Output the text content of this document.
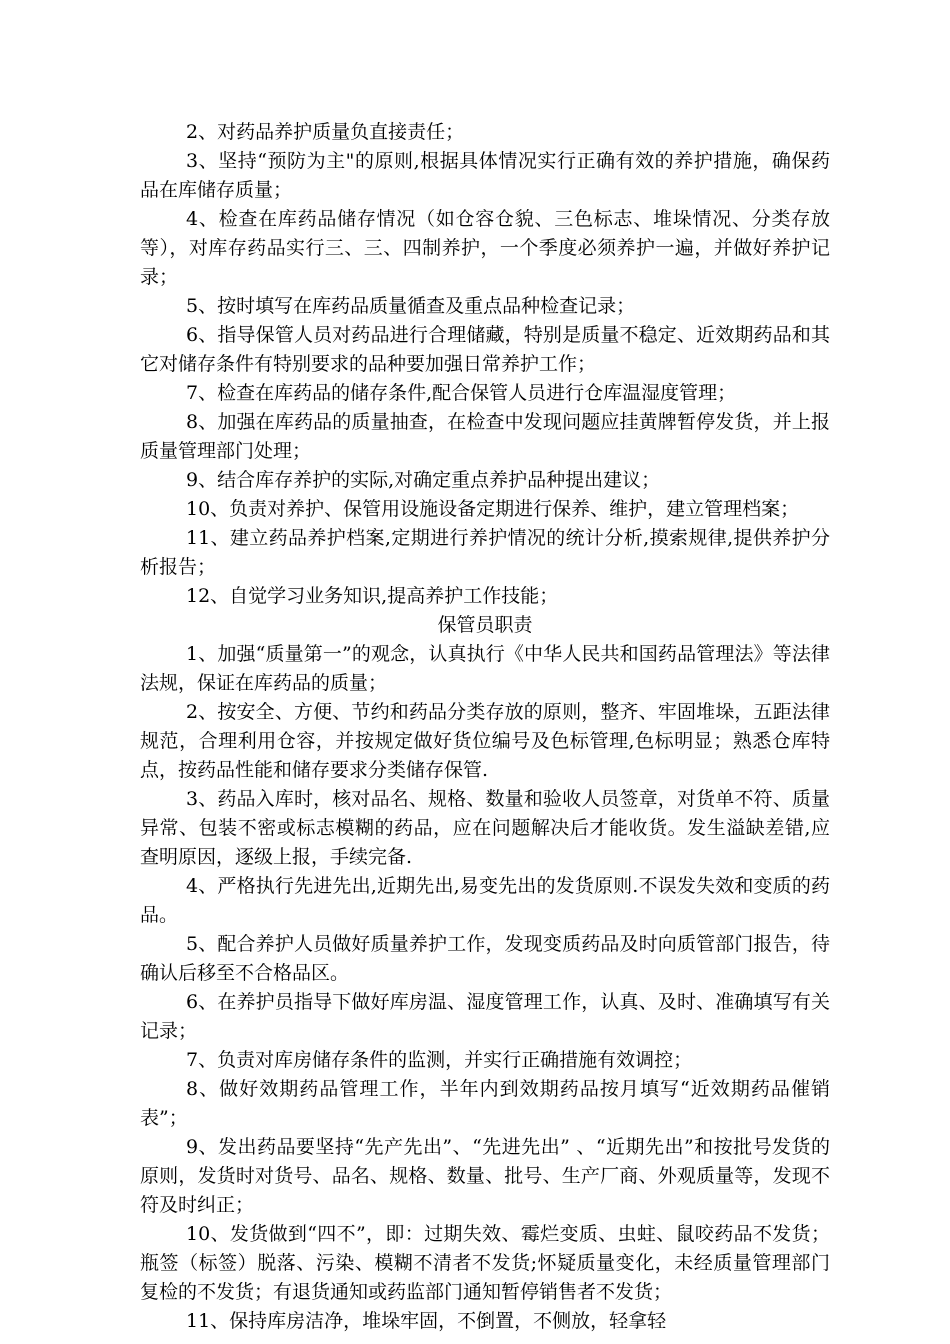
2、对药品养护质量负直接责任；

3、坚持“预防为主"的原则,根据具体情况实行正确有效的养护措施，确保药品在库储存质量；

4、检查在库药品储存情况（如仓容仓貌、三色标志、堆垛情况、分类存放等），对库存药品实行三、三、四制养护，一个季度必须养护一遍，并做好养护记录；

5、按时填写在库药品质量循查及重点品种检查记录；

6、指导保管人员对药品进行合理储藏，特别是质量不稳定、近效期药品和其它对储存条件有特别要求的品种要加强日常养护工作；

7、检查在库药品的储存条件,配合保管人员进行仓库温湿度管理；

8、加强在库药品的质量抽查，在检查中发现问题应挂黄牌暂停发货，并上报质量管理部门处理；

9、结合库存养护的实际,对确定重点养护品种提出建议；

10、负责对养护、保管用设施设备定期进行保养、维护，建立管理档案；

11、建立药品养护档案,定期进行养护情况的统计分析,摸索规律,提供养护分析报告；

12、自觉学习业务知识,提高养护工作技能；

保管员职责

1、加强“质量第一”的观念，认真执行《中华人民共和国药品管理法》等法律法规，保证在库药品的质量；

2、按安全、方便、节约和药品分类存放的原则，整齐、牢固堆垛，五距法律规范，合理利用仓容，并按规定做好货位编号及色标管理,色标明显；熟悉仓库特点，按药品性能和储存要求分类储存保管.

3、药品入库时，核对品名、规格、数量和验收人员签章，对货单不符、质量异常、包装不密或标志模糊的药品，应在问题解决后才能收货。发生溢缺差错,应查明原因，逐级上报，手续完备.

4、严格执行先进先出,近期先出,易变先出的发货原则.不误发失效和变质的药品。

5、配合养护人员做好质量养护工作，发现变质药品及时向质管部门报告，待确认后移至不合格品区。

6、在养护员指导下做好库房温、湿度管理工作，认真、及时、准确填写有关记录；

7、负责对库房储存条件的监测，并实行正确措施有效调控；

8、做好效期药品管理工作，半年内到效期药品按月填写“近效期药品催销表”；

9、发出药品要坚持“先产先出”、“先进先出” 、“近期先出”和按批号发货的原则，发货时对货号、品名、规格、数量、批号、生产厂商、外观质量等，发现不符及时纠正；

10、发货做到“四不”，即：过期失效、霉烂变质、虫蛀、鼠咬药品不发货；瓶签（标签）脱落、污染、模糊不清者不发货;怀疑质量变化，未经质量管理部门复检的不发货；有退货通知或药监部门通知暂停销售者不发货；

11、保持库房洁净，堆垛牢固，不倒置，不侧放，轻拿轻
